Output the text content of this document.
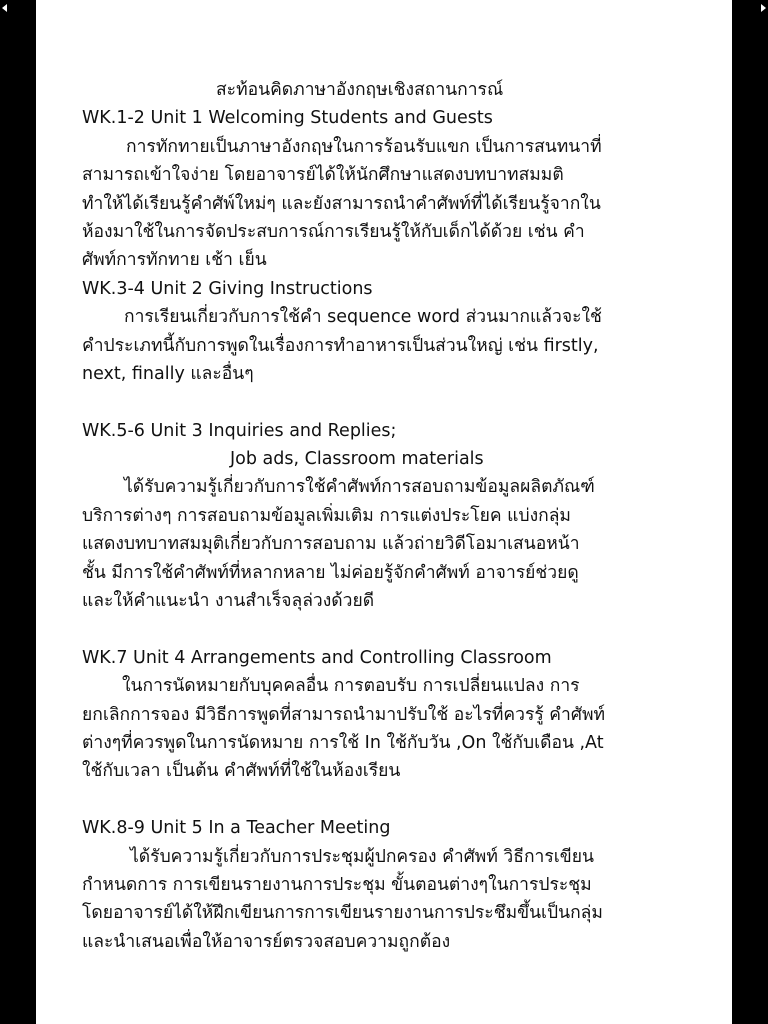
สะท้อนคิดภาษาอังกฤษเชิงสถานการณ์
WK.1-2 Unit 1 Welcoming Students and Guests
การทักทายเป็นภาษาอังกฤษในการร้อนรับแขก เป็นการสนทนาที่
สามารถเข้าใจง่าย โดยอาจารย์ได้ให้นักศึกษาแสดงบทบาทสมมติ
ทำให้ได้เรียนรู้คำศัพ์ใหม่ๆ และยังสามารถนำคำศัพท์ที่ได้เรียนรู้จากใน
ห้องมาใช้ในการจัดประสบการณ์การเรียนรู้ให้กับเด็กได้ด้วย เช่น คำ
ศัพท์การทักทาย เช้า เย็น
WK.3-4 Unit 2 Giving Instructions
การเรียนเกี่ยวกับการใช้คำ sequence word ส่วนมากแล้วจะใช้
คำประเภทนี้กับการพูดในเรื่องการทำอาหารเป็นส่วนใหญ่ เช่น firstly,
next, finally และอื่นๆ
WK.5-6 Unit 3 Inquiries and Replies;
Job ads, Classroom materials
ได้รับความรู้เกี่ยวกับการใช้คำศัพท์การสอบถามข้อมูลผลิตภัณฑ์
บริการต่างๆ การสอบถามข้อมูลเพิ่มเติม การแต่งประโยค แบ่งกลุ่ม
แสดงบทบาทสมมุติเกี่ยวกับการสอบถาม แล้วถ่ายวิดีโอมาเสนอหน้า
ชั้น มีการใช้คำศัพท์ที่หลากหลาย ไม่ค่อยรู้จักคำศัพท์ อาจารย์ช่วยดู
และให้คำแนะนำ งานสำเร็จลุล่วงด้วยดี
WK.7 Unit 4 Arrangements and Controlling Classroom
ในการนัดหมายกับบุคคลอื่น การตอบรับ การเปลี่ยนแปลง การ
ยกเลิกการจอง มีวิธีการพูดที่สามารถนำมาปรับใช้ อะไรที่ควรรู้ คำศัพท์
ต่างๆที่ควรพูดในการนัดหมาย การใช้ In ใช้กับวัน ,On ใช้กับเดือน ,At
ใช้กับเวลา เป็นต้น คำศัพท์ที่ใช้ในห้องเรียน
WK.8-9 Unit 5 In a Teacher Meeting
ได้รับความรู้เกี่ยวกับการประชุมผู้ปกครอง คำศัพท์ วิธีการเขียน
กำหนดการ การเขียนรายงานการประชุม ขั้นตอนต่างๆในการประชุม
โดยอาจารย์ได้ให้ฝึกเขียนการการเขียนรายงานการประชึมขึ้นเป็นกลุ่ม
และนำเสนอเพื่อให้อาจารย์ตรวจสอบความถูกต้อง
